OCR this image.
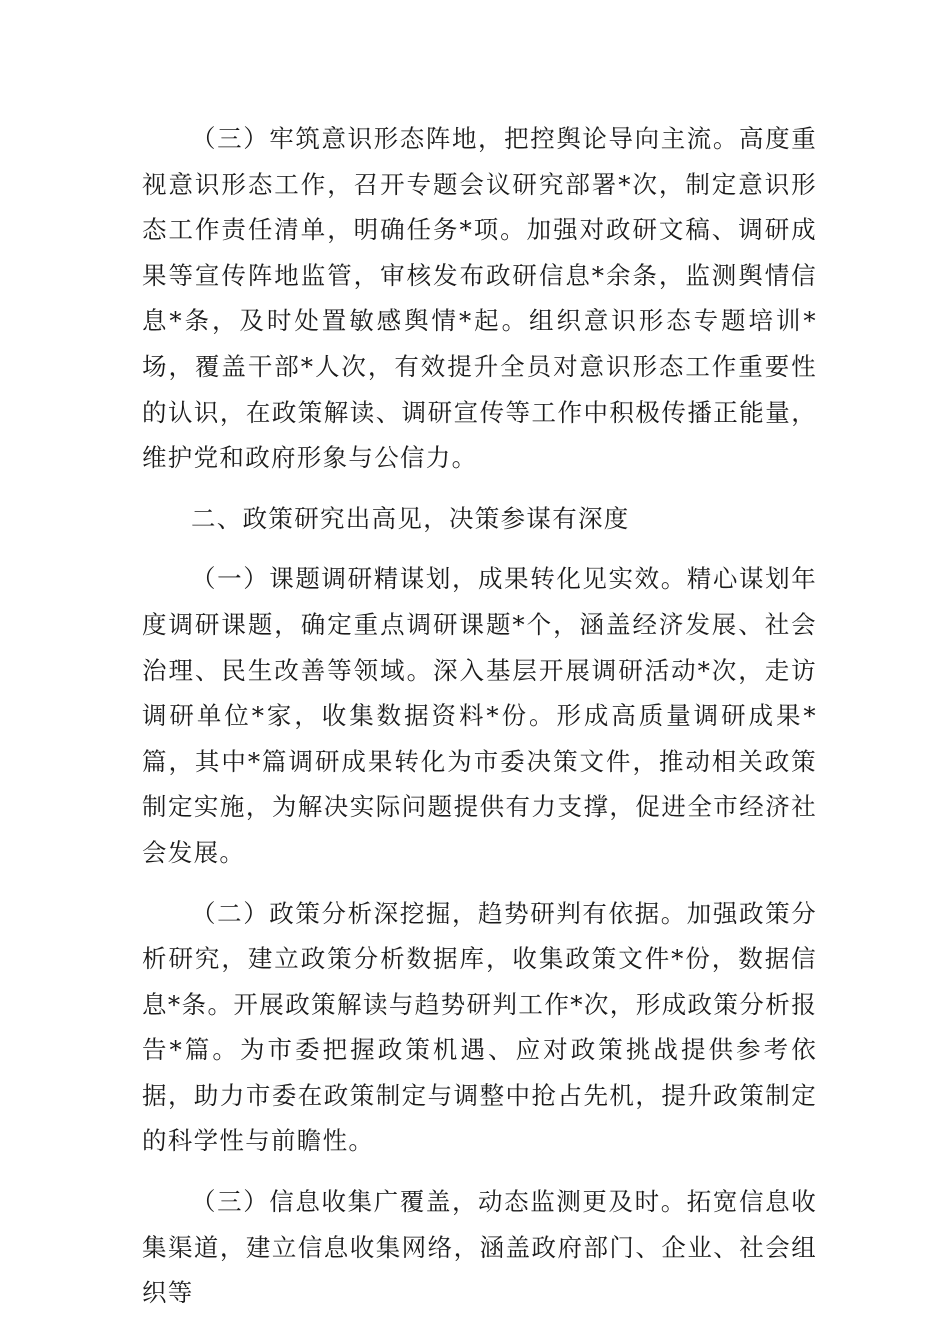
（三）牢筑意识形态阵地，把控舆论导向主流。高度重视意识形态工作，召开专题会议研究部署*次，制定意识形态工作责任清单，明确任务*项。加强对政研文稿、调研成果等宣传阵地监管，审核发布政研信息*余条，监测舆情信息*条，及时处置敏感舆情*起。组织意识形态专题培训*场，覆盖干部*人次，有效提升全员对意识形态工作重要性的认识，在政策解读、调研宣传等工作中积极传播正能量，维护党和政府形象与公信力。

二、政策研究出高见，决策参谋有深度

（一）课题调研精谋划，成果转化见实效。精心谋划年度调研课题，确定重点调研课题*个，涵盖经济发展、社会治理、民生改善等领域。深入基层开展调研活动*次，走访调研单位*家，收集数据资料*份。形成高质量调研成果*篇，其中*篇调研成果转化为市委决策文件，推动相关政策制定实施，为解决实际问题提供有力支撑，促进全市经济社会发展。

（二）政策分析深挖掘，趋势研判有依据。加强政策分析研究，建立政策分析数据库，收集政策文件*份，数据信息*条。开展政策解读与趋势研判工作*次，形成政策分析报告*篇。为市委把握政策机遇、应对政策挑战提供参考依据，助力市委在政策制定与调整中抢占先机，提升政策制定的科学性与前瞻性。

（三）信息收集广覆盖，动态监测更及时。拓宽信息收集渠道，建立信息收集网络，涵盖政府部门、企业、社会组织等
